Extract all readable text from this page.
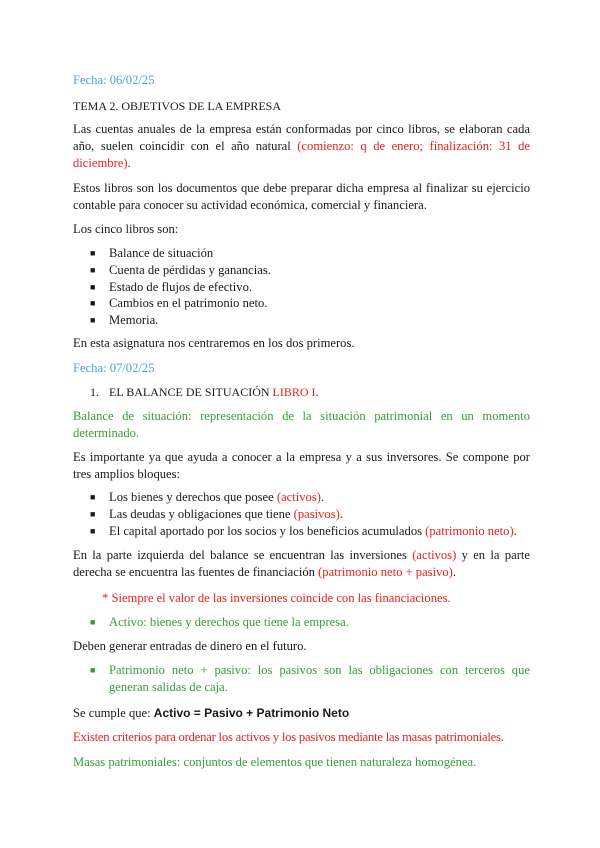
Fecha: 06/02/25
TEMA 2. OBJETIVOS DE LA EMPRESA
Las cuentas anuales de la empresa están conformadas por cinco libros, se elaboran cada año, suelen coincidir con el año natural (comienzo: q de enero; finalización: 31 de diciembre).
Estos libros son los documentos que debe preparar dicha empresa al finalizar su ejercicio contable para conocer su actividad económica, comercial y financiera.
Los cinco libros son:
■ Balance de situación
■ Cuenta de pérdidas y ganancias.
■ Estado de flujos de efectivo.
■ Cambios en el patrimonio neto.
■ Memoria.
En esta asignatura nos centraremos en los dos primeros.
Fecha: 07/02/25
1. EL BALANCE DE SITUACIÓN LIBRO I.
Balance de situación: representación de la situación patrimonial en un momento determinado.
Es importante ya que ayuda a conocer a la empresa y a sus inversores. Se compone por tres amplios bloques:
■ Los bienes y derechos que posee (activos).
■ Las deudas y obligaciones que tiene (pasivos).
■ El capital aportado por los socios y los beneficios acumulados (patrimonio neto).
En la parte izquierda del balance se encuentran las inversiones (activos) y en la parte derecha se encuentra las fuentes de financiación (patrimonio neto + pasivo).
* Siempre el valor de las inversiones coincide con las financiaciones.
■ Activo: bienes y derechos que tiene la empresa.
Deben generar entradas de dinero en el futuro.
■ Patrimonio neto + pasivo: los pasivos son las obligaciones con terceros que generan salidas de caja.
Se cumple que: Activo = Pasivo + Patrimonio Neto
Existen criterios para ordenar los activos y los pasivos mediante las masas patrimoniales.
Masas patrimoniales: conjuntos de elementos que tienen naturaleza homogénea.
